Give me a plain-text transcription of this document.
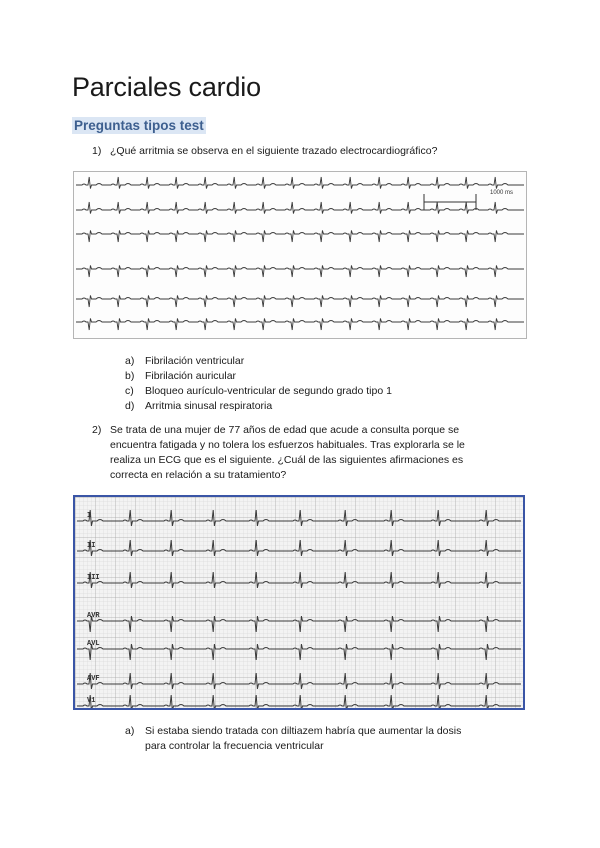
Parciales cardio
Preguntas tipos test
1) ¿Qué arritmia se observa en el siguiente trazado electrocardiográfico?
1000 ms
a) Fibrilación ventricular
b) Fibrilación auricular
c) Bloqueo aurículo-ventricular de segundo grado tipo 1
d) Arritmia sinusal respiratoria
2) Se trata de una mujer de 77 años de edad que acude a consulta porque se
encuentra fatigada y no tolera los esfuerzos habituales. Tras explorarla se le
realiza un ECG que es el siguiente. ¿Cuál de las siguientes afirmaciones es
correcta en relación a su tratamiento?
I
II
III
AVR
AVL
AVF
V1
a) Si estaba siendo tratada con diltiazem habría que aumentar la dosis
para controlar la frecuencia ventricular
